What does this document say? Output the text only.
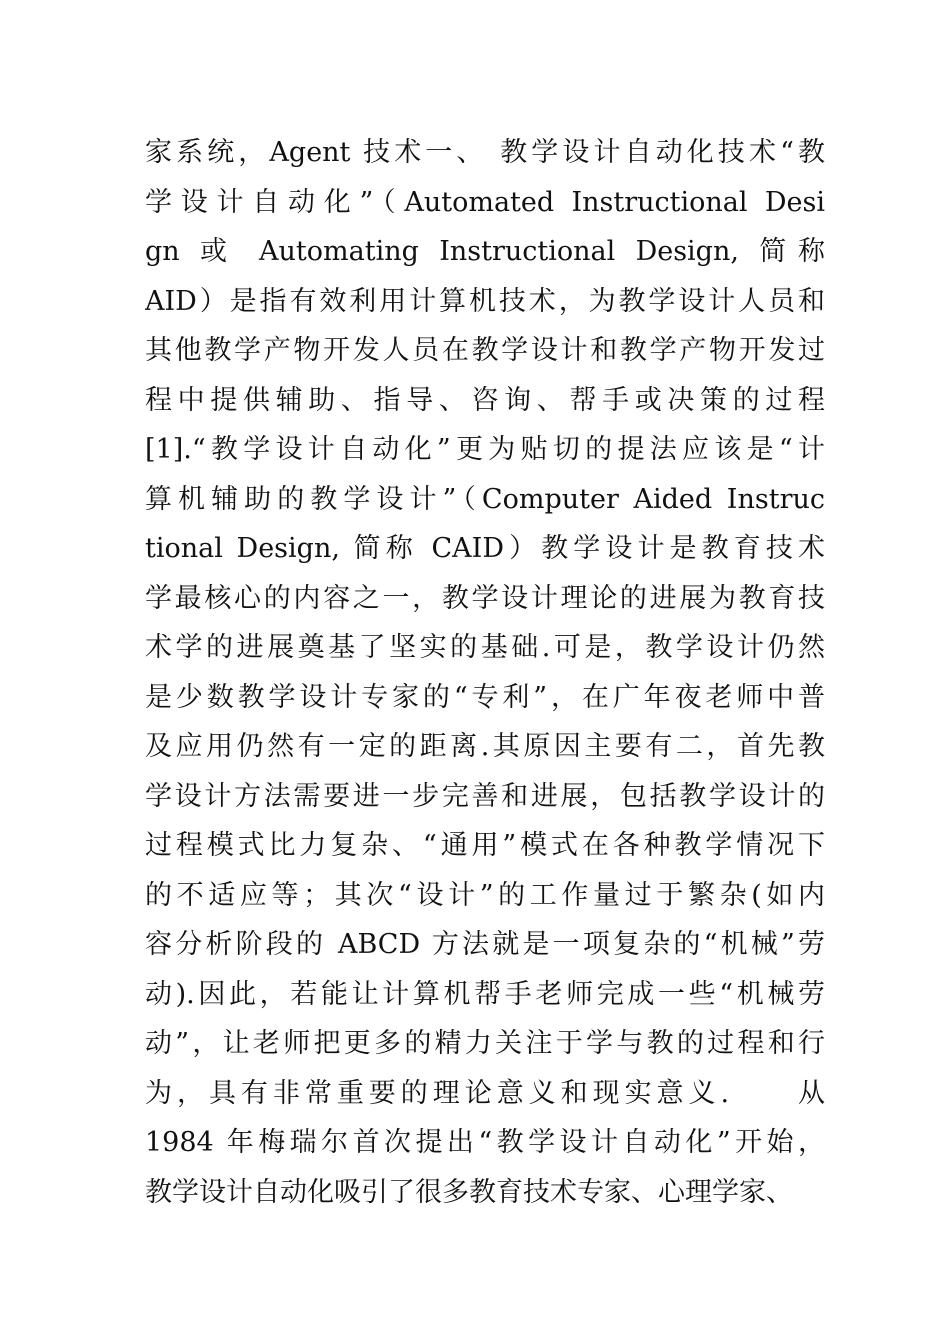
家系统，Agent 技术一、 教学设计自动化技术“教
学设计自动化”（Automated Instructional Desi
gn 或 Automating Instructional Design, 简称
AID）是指有效利用计算机技术，为教学设计人员和
其他教学产物开发人员在教学设计和教学产物开发过
程中提供辅助、指导、咨询、帮手或决策的过程
[1].“教学设计自动化”更为贴切的提法应该是“计
算机辅助的教学设计”（Computer Aided Instruc
tional Design, 简称 CAID）教学设计是教育技术
学最核心的内容之一，教学设计理论的进展为教育技
术学的进展奠基了坚实的基础.可是，教学设计仍然
是少数教学设计专家的“专利”，在广年夜老师中普
及应用仍然有一定的距离.其原因主要有二，首先教
学设计方法需要进一步完善和进展，包括教学设计的
过程模式比力复杂、“通用”模式在各种教学情况下
的不适应等；其次“设计”的工作量过于繁杂(如内
容分析阶段的 ABCD 方法就是一项复杂的“机械”劳
动).因此，若能让计算机帮手老师完成一些“机械劳
动”，让老师把更多的精力关注于学与教的过程和行
为，具有非常重要的理论意义和现实意义.　　从
1984 年梅瑞尔首次提出“教学设计自动化”开始，
教学设计自动化吸引了很多教育技术专家、心理学家、
